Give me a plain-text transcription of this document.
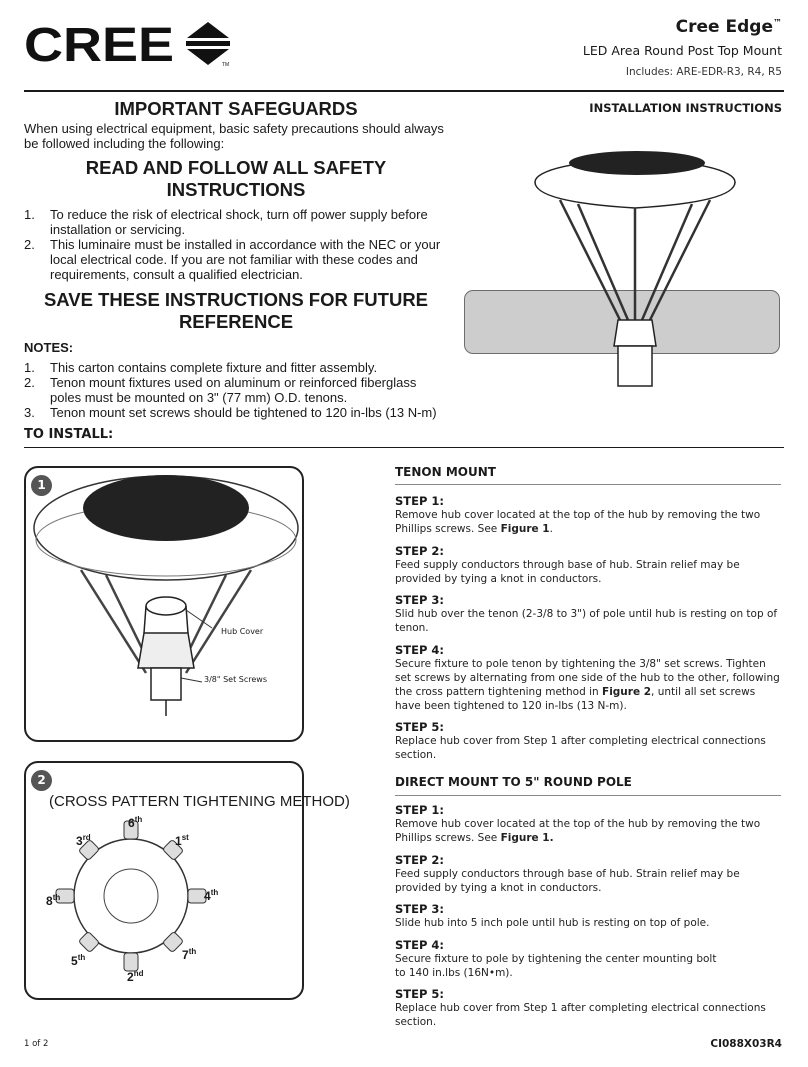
CREE	TM
Cree Edge™
LED Area Round Post Top Mount
Includes: ARE-EDR-R3, R4, R5
IMPORTANT SAFEGUARDS
When using electrical equipment, basic safety precautions should always be followed including the following:
READ AND FOLLOW ALL SAFETY INSTRUCTIONS
1. To reduce the risk of electrical shock, turn off power supply before installation or servicing.
2. This luminaire must be installed in accordance with the NEC or your local electrical code. If you are not familiar with these codes and requirements, consult a qualified electrician.
SAVE THESE INSTRUCTIONS FOR FUTURE REFERENCE
NOTES:
1. This carton contains complete fixture and fitter assembly.
2. Tenon mount fixtures used on aluminum or reinforced fiberglass poles must be mounted on 3" (77 mm) O.D. tenons.
3. Tenon mount set screws should be tightened to 120 in-lbs (13 N-m)
INSTALLATION INSTRUCTIONS
TO INSTALL:
Hub Cover
3/8" Set Screws
1
(CROSS PATTERN TIGHTENING METHOD)
6th
1st
4th
7th
2nd
5th
8th
3rd
2
TENON MOUNT
STEP 1:
Remove hub cover located at the top of the hub by removing the two Phillips screws. See Figure 1.
STEP 2:
Feed supply conductors through base of hub. Strain relief may be provided by tying a knot in conductors.
STEP 3:
Slid hub over the tenon (2-3/8 to 3") of pole until hub is resting on top of tenon.
STEP 4:
Secure fixture to pole tenon by tightening the 3/8" set screws. Tighten set screws by alternating from one side of the hub to the other, following the cross pattern tightening method in Figure 2, until all set screws have been tightened to 120 in-lbs (13 N-m).
STEP 5:
Replace hub cover from Step 1 after completing electrical connections section.
DIRECT MOUNT TO 5" ROUND POLE
STEP 1:
Remove hub cover located at the top of the hub by removing the two Phillips screws. See Figure 1.
STEP 2:
Feed supply conductors through base of hub. Strain relief may be provided by tying a knot in conductors.
STEP 3:
Slide hub into 5 inch pole until hub is resting on top of pole.
STEP 4:
Secure fixture to pole by tightening the center mounting bolt to 140 in.lbs (16N•m).
STEP 5:
Replace hub cover from Step 1 after completing electrical connections section.
1 of 2	CI088X03R4
